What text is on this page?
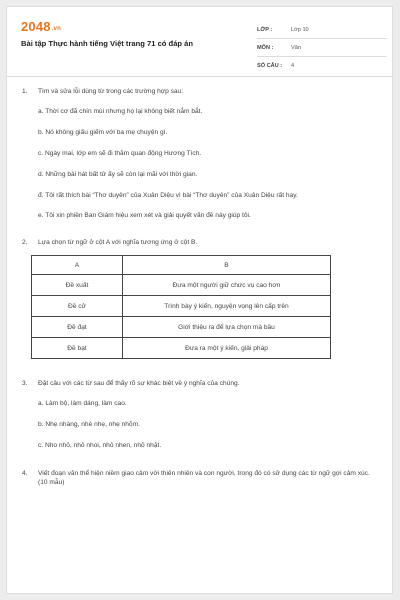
2048.vn
Bài tập Thực hành tiếng Việt trang 71 có đáp án
LỚP :	Lớp 10
MÔN :	Văn
SỐ CÂU :	4
1.	Tìm và sửa lỗi dùng từ trong các trường hợp sau:
a. Thời cơ đã chín mùi nhưng họ lại không biết nắm bắt.
b. Nó không giấu giếm với ba mẹ chuyện gì.
c. Ngày mai, lớp em sẽ đi thăm quan động Hương Tích.
d. Những bài hát bất tử ấy sẽ còn lại mãi với thời gian.
đ. Tôi rất thích bài “Thơ duyên” của Xuân Diệu vì bài “Thơ duyên” của Xuân Diệu rất hay.
e. Tôi xin phiền Ban Giám hiệu xem xét và giải quyết vấn đề này giúp tôi.
2.	Lựa chọn từ ngữ ở cột A với nghĩa tương ứng ở cột B.
A	B
Đề xuất	Đưa một người giữ chức vụ cao hơn
Đề cử	Trình bày ý kiến, nguyện vọng lên cấp trên
Đề đạt	Giới thiệu ra để lựa chọn mà bầu
Đề bạt	Đưa ra một ý kiến, giải pháp
3.	Đặt câu với các từ sau để thấy rõ sự khác biệt về ý nghĩa của chúng.
a. Làm bộ, làm dáng, làm cao.
b. Nhẹ nhàng, nhè nhẹ, nhẹ nhõm.
c. Nho nhỏ, nhỏ nhoi, nhỏ nhen, nhỏ nhặt.
4.	Viết đoạn văn thể hiện niềm giao cảm với thiên nhiên và con người, trong đó có sử dụng các từ ngữ gợi cảm xúc. (10 mẫu)
